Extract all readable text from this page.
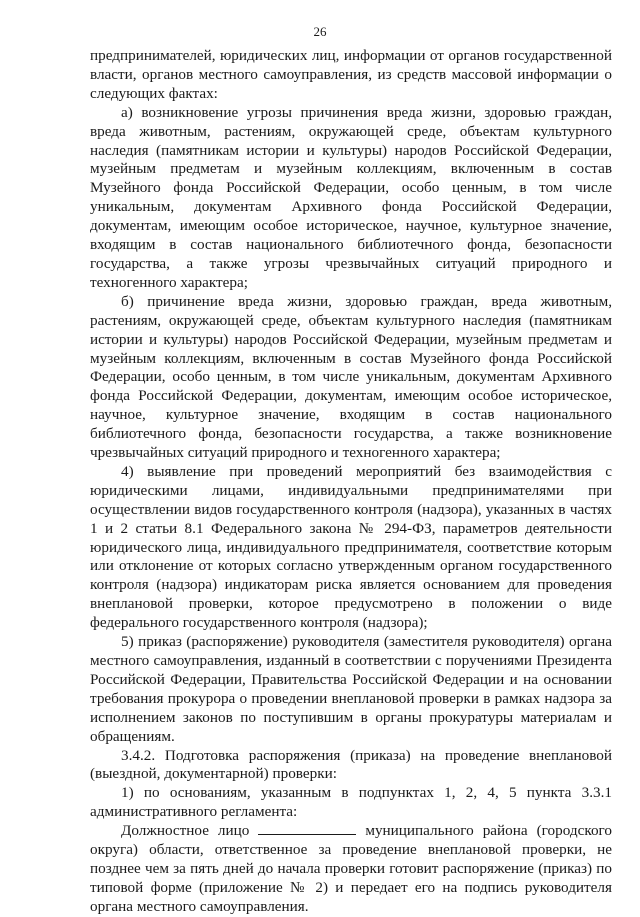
26

предпринимателей, юридических лиц, информации от органов государственной власти, органов местного самоуправления, из средств массовой информации о следующих фактах:

а) возникновение угрозы причинения вреда жизни, здоровью граждан, вреда животным, растениям, окружающей среде, объектам культурного наследия (памятникам истории и культуры) народов Российской Федерации, музейным предметам и музейным коллекциям, включенным в состав Музейного фонда Российской Федерации, особо ценным, в том числе уникальным, документам Архивного фонда Российской Федерации, документам, имеющим особое историческое, научное, культурное значение, входящим в состав национального библиотечного фонда, безопасности государства, а также угрозы чрезвычайных ситуаций природного и техногенного характера;

б) причинение вреда жизни, здоровью граждан, вреда животным, растениям, окружающей среде, объектам культурного наследия (памятникам истории и культуры) народов Российской Федерации, музейным предметам и музейным коллекциям, включенным в состав Музейного фонда Российской Федерации, особо ценным, в том числе уникальным, документам Архивного фонда Российской Федерации, документам, имеющим особое историческое, научное, культурное значение, входящим в состав национального библиотечного фонда, безопасности государства, а также возникновение чрезвычайных ситуаций природного и техногенного характера;

4) выявление при проведений мероприятий без взаимодействия с юридическими лицами, индивидуальными предпринимателями при осуществлении видов государственного контроля (надзора), указанных в частях 1 и 2 статьи 8.1 Федерального закона № 294-ФЗ, параметров деятельности юридического лица, индивидуального предпринимателя, соответствие которым или отклонение от которых согласно утвержденным органом государственного контроля (надзора) индикаторам риска является основанием для проведения внеплановой проверки, которое предусмотрено в положении о виде федерального государственного контроля (надзора);

5) приказ (распоряжение) руководителя (заместителя руководителя) органа местного самоуправления, изданный в соответствии с поручениями Президента Российской Федерации, Правительства Российской Федерации и на основании требования прокурора о проведении внеплановой проверки в рамках надзора за исполнением законов по поступившим в органы прокуратуры материалам и обращениям.

3.4.2. Подготовка распоряжения (приказа) на проведение внеплановой (выездной, документарной) проверки:

1) по основаниям, указанным в подпунктах 1, 2, 4, 5 пункта 3.3.1 административного регламента:

Должностное лицо	муниципального района (городского округа) области, ответственное за проведение внеплановой проверки, не позднее чем за пять дней до начала проверки готовит распоряжение (приказ) по типовой форме (приложение № 2) и передает его на подпись руководителя органа местного самоуправления.
